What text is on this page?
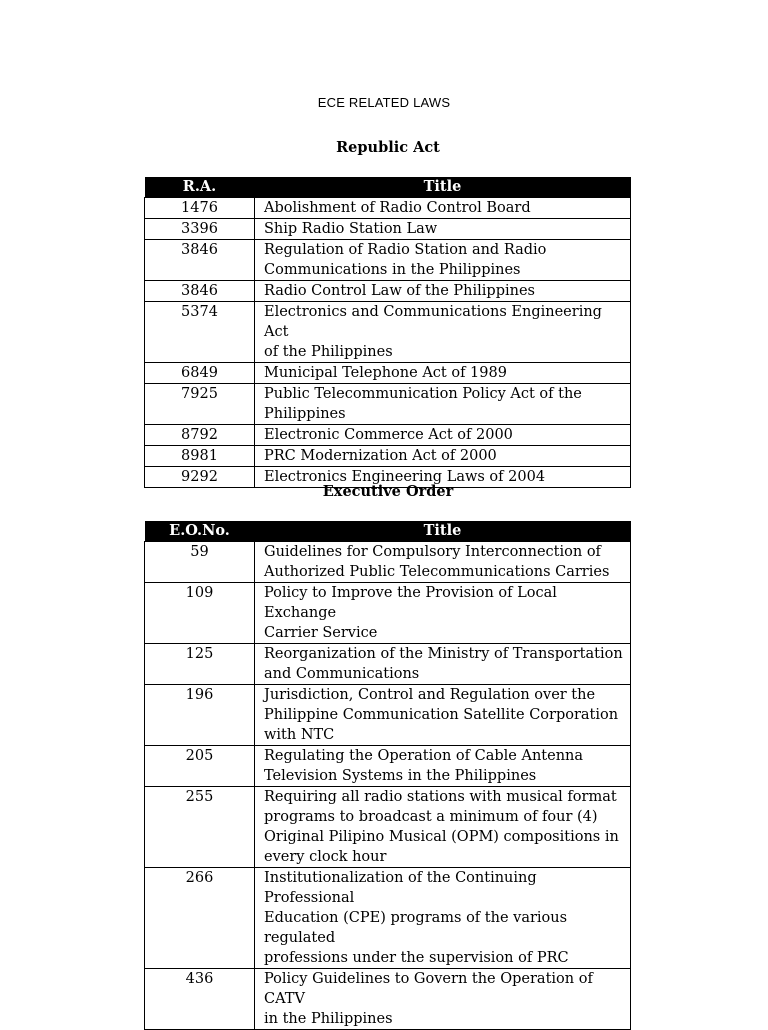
ECE RELATED LAWS
Republic Act
R.A.	Title
1476	Abolishment of Radio Control Board
3396	Ship Radio Station Law
3846	Regulation of Radio Station and Radio
Communications in the Philippines
3846	Radio Control Law of the Philippines
5374	Electronics and Communications Engineering Act
of the Philippines
6849	Municipal Telephone Act of 1989
7925	Public Telecommunication Policy Act of the
Philippines
8792	Electronic Commerce Act of 2000
8981	PRC Modernization Act of 2000
9292	Electronics Engineering Laws of 2004
Executive Order
E.O.No.	Title
59	Guidelines for Compulsory Interconnection of
Authorized Public Telecommunications Carries
109	Policy to Improve the Provision of Local Exchange
Carrier Service
125	Reorganization of the Ministry of Transportation
and Communications
196	Jurisdiction, Control and Regulation over the
Philippine Communication Satellite Corporation
with NTC
205	Regulating the Operation of Cable Antenna
Television Systems in the Philippines
255	Requiring all radio stations with musical format
programs to broadcast a minimum of four (4)
Original Pilipino Musical (OPM) compositions in
every clock hour
266	Institutionalization of the Continuing Professional
Education (CPE) programs of the various regulated
professions under the supervision of PRC
436	Policy Guidelines to Govern the Operation of CATV
in the Philippines
